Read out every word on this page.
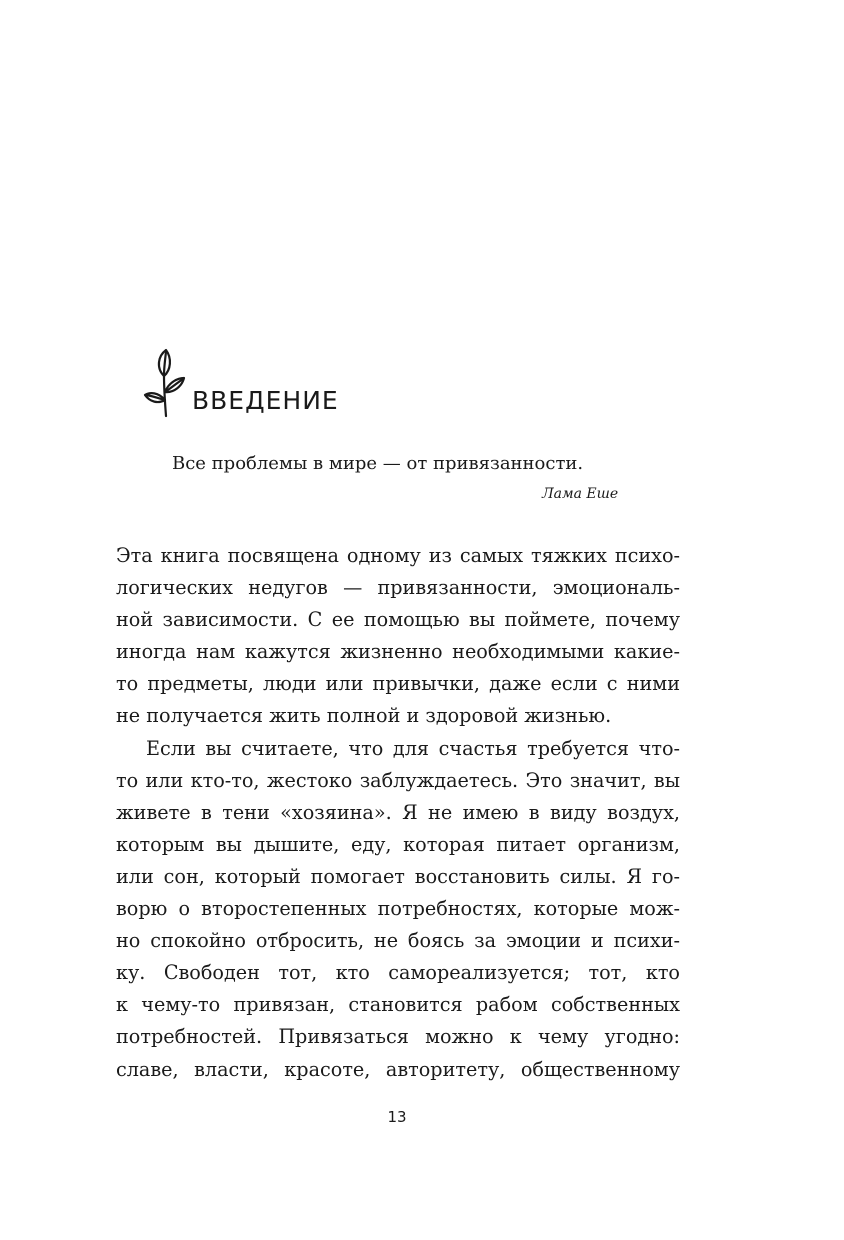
ВВЕДЕНИЕ
Все проблемы в мире — от привязанности.
Лама Еше
Эта книга посвящена одному из самых тяжких психо-
логических недугов — привязанности, эмоциональ-
ной зависимости. С ее помощью вы поймете, почему
иногда нам кажутся жизненно необходимыми какие-
то предметы, люди или привычки, даже если с ними
не получается жить полной и здоровой жизнью.
Если вы считаете, что для счастья требуется что-
то или кто-то, жестоко заблуждаетесь. Это значит, вы
живете в тени «хозяина». Я не имею в виду воздух,
которым вы дышите, еду, которая питает организм,
или сон, который помогает восстановить силы. Я го-
ворю о второстепенных потребностях, которые мож-
но спокойно отбросить, не боясь за эмоции и психи-
ку. Свободен тот, кто самореализуется; тот, кто
к чему-то привязан, становится рабом собственных
потребностей. Привязаться можно к чему угодно:
славе, власти, красоте, авторитету, общественному
13
